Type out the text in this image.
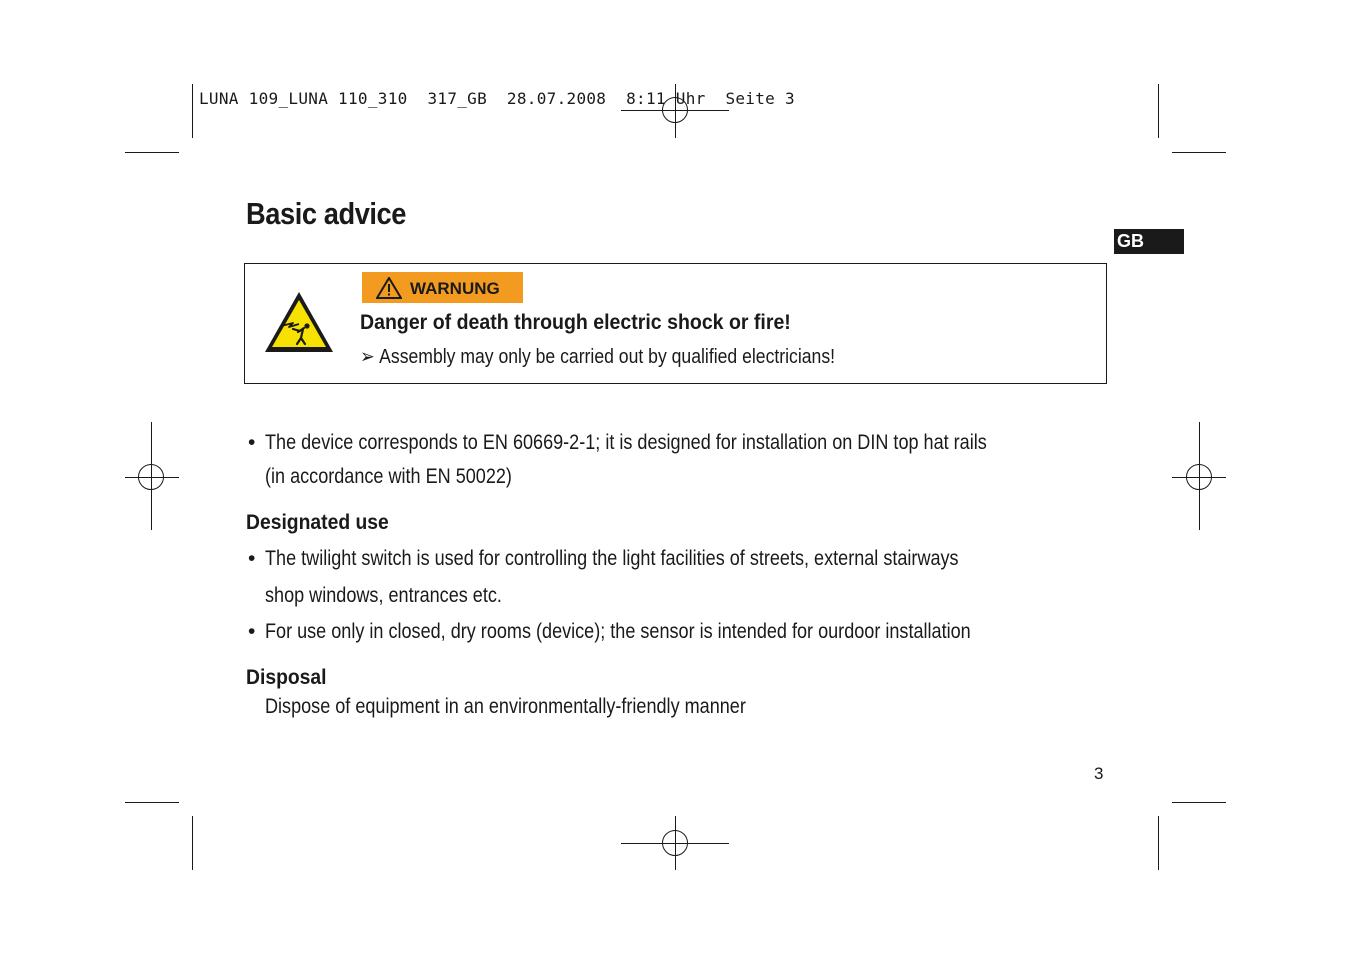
LUNA 109_LUNA 110_310  317_GB  28.07.2008  8:11 Uhr  Seite 3
Basic advice
GB
WARNUNG
Danger of death through electric shock or fire!
➢ Assembly may only be carried out by qualified electricians!
• The device corresponds to EN 60669-2-1; it is designed for installation on DIN top hat rails
(in accordance with EN 50022)
Designated use
• The twilight switch is used for controlling the light facilities of streets, external stairways
shop windows, entrances etc.
• For use only in closed, dry rooms (device); the sensor is intended for ourdoor installation
Disposal
Dispose of equipment in an environmentally-friendly manner
3
